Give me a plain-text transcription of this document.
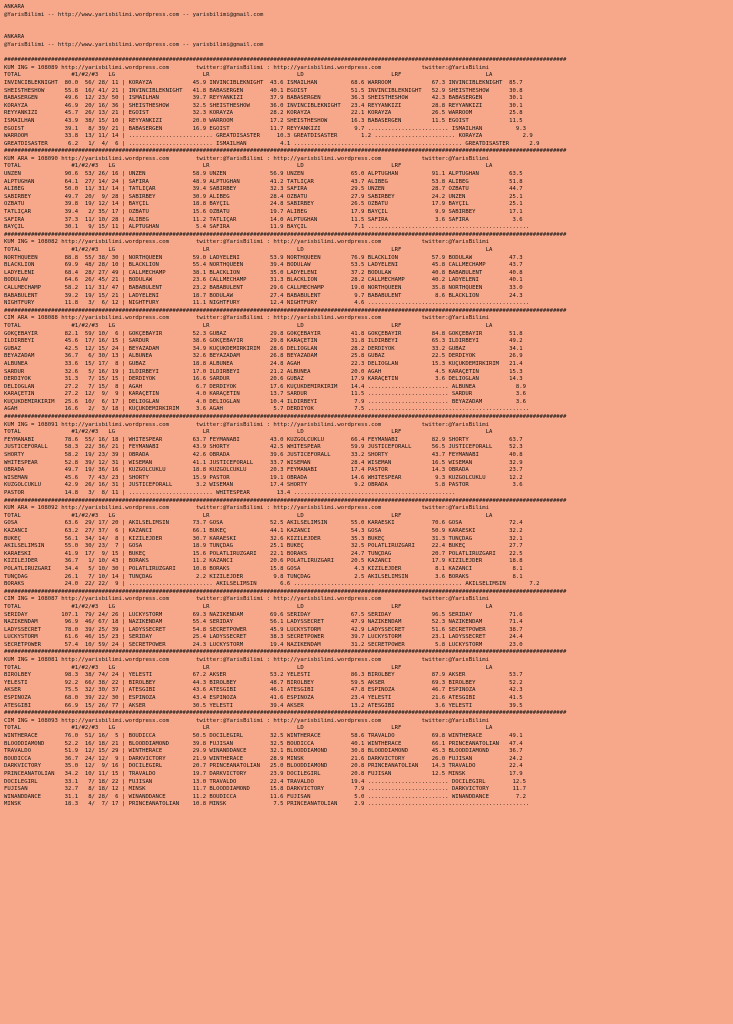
ANKARA
@YarisBilimi -- http://www.yarisbilimi.wordpress.com -- yarisbilimi@gmail.com

ANKARA
@YarisBilimi -- http://www.yarisbilimi.wordpress.com -- yarisbilimi@gmail.com

#######################################################################################################################################################################
KUM ING = 108089 http://yarisbilimi.wordpress.com        twitter:@YarisBilimi : http://yarisbilimi.wordpress.com            twitter:@YarisBilimi
TOTAL               #1/#2/#3   LG                          LR                          LD                          LRF                         LA
INVINCIBLEKNIGHT  80.0  56/ 28/ 11 | KORAYZA            45.9 INVINCIBLEKNIGHT  43.6 ISMAILHAN          68.6 WARROOM            67.3 INVINCIBLEKNIGHT  85.7
SHEISTHESHOW      55.8  16/ 41/ 21 | INVINCIBLEKNIGHT   41.8 BABASERGEN        40.1 EGOIST             51.5 INVINCIBLEKNIGHT   52.9 SHEISTHESHOW      30.8
BABASERGEN        49.6  12/ 23/ 50 | ISMAILHAN          39.7 REYYANKIZI        37.9 BABASERGEN         36.3 SHEISTHESHOW       42.3 BABASERGEN        30.1
KORAYZA           46.9  20/ 16/ 36 | SHEISTHESHOW       32.5 SHEISTHESHOW      36.0 INVINCIBLEKNIGHT   23.4 REYYANKIZI         28.8 REYYANKIZI        30.1
REYYANKIZI        45.7  26/ 13/ 21 | EGOIST             32.3 KORAYZA           28.2 KORAYZA            22.1 KORAYZA            26.5 WARROOM           25.8
ISMAILHAN         43.9  38/ 15/ 10 | REYYANKIZI         20.0 WARROOM           17.2 SHEISTHESHOW       16.3 BABASERGEN         11.5 EGOIST            11.5
EGOIST            39.1   8/ 39/ 21 | BABASERGEN         16.9 EGOIST            11.7 REYYANKIZI          9.7 ........................ ISMAILHAN          9.3
WARROOM           33.8  13/ 11/ 14 | ......................... GREATDISASTER     10.3 GREATDISASTER       1.2 ........................ KORAYZA            2.9
GREATDISASTER      6.2   1/  4/  6 | ......................... ISMAILHAN          4.1 .................................................. GREATDISASTER      2.9
#######################################################################################################################################################################
KUM ARA = 108090 http://yarisbilimi.wordpress.com        twitter:@YarisBilimi : http://yarisbilimi.wordpress.com            twitter:@YarisBilimi
TOTAL               #1/#2/#3   LG                          LR                          LD                          LRF                         LA
UNZEN             90.6  53/ 26/ 16 | UNZEN              58.9 UNZEN             56.9 UNZEN              65.0 ALPTUGHAN          91.1 ALPTUGHAN         63.5
ALPTUGHAN         64.1  27/ 14/ 24 | SAFIRA             48.9 ALPTUGHAN         41.2 TATLIÇAR           43.7 ALIBEG             53.8 ALIBEG            51.8
ALIBEG            50.0  11/ 31/ 14 | TATLIÇAR           39.4 SABIRBEY          32.3 SAFIRA             29.5 UNZEN              28.7 ÖZBATU            44.7
SABIRBEY          49.7  20/  9/ 28 | SABIRBEY           30.9 ALIBEG            28.4 ÖZBATU             27.9 SABIRBEY           24.2 UNZEN             25.1
ÖZBATU            39.8  19/ 12/ 14 | BAYÇIL             18.8 BAYÇIL            24.8 SABIRBEY           26.5 ÖZBATU             17.9 BAYÇIL            25.1
TATLIÇAR          39.4   2/ 35/ 17 | ÖZBATU             15.6 ÖZBATU            19.7 ALIBEG             17.9 BAYÇIL              9.9 SABIRBEY          17.1
SAFIRA            37.3  11/ 10/ 28 | ALIBEG             11.2 TATLIÇAR          14.0 ALPTUGHAN          11.5 SAFIRA              3.6 SAFIRA             3.6
BAYÇIL            30.1   9/ 15/ 11 | ALPTUGHAN           5.4 SAFIRA            11.9 BAYÇIL              7.1 ................................................
#######################################################################################################################################################################
KUM ING = 108082 http://yarisbilimi.wordpress.com        twitter:@YarisBilimi : http://yarisbilimi.wordpress.com            twitter:@YarisBilimi
TOTAL               #1/#2/#3   LG                          LR                          LD                          LRF                         LA
NORTHQUEEN        88.8  55/ 38/ 30 | NORTHQUEEN         59.0 LADYELENI         53.9 NORTHQUEEN         76.9 BLACKLION          57.9 BODULAW           47.3
BLACKLION         69.9  48/ 28/ 10 | BLACKLION          55.4 NORTHQUEEN        39.4 BODULAW            53.5 LADYELENI          45.8 CALLMECHAMP       43.7
LADYELENI         68.4  28/ 27/ 49 | CALLMECHAMP        38.1 BLACKLION         35.0 LADYELENI          37.2 BODULAW            40.8 BABABÜLENT        40.8
BODULAW           64.6  26/ 45/ 21 | BODULAW            23.6 CALLMECHAMP       31.3 BLACKLION          28.2 CALLMECHAMP        40.2 LADYELENI         40.1
CALLMECHAMP       58.2  11/ 31/ 47 | BABABÜLENT         23.2 BABABÜLENT        29.6 CALLMECHAMP        19.0 NORTHQUEEN         35.8 NORTHQUEEN        33.0
BABABÜLENT        39.2  19/ 15/ 21 | LADYELENI          18.7 BODULAW           27.4 BABABÜLENT          9.7 BABABÜLENT          8.6 BLACKLION         24.3
NIGHTFURY         11.8   3/  6/ 12 | NIGHTFURY          11.1 NIGHTFURY         12.4 NIGHTFURY           4.6 ................................................
#######################################################################################################################################################################
CIM ARA = 108088 http://yarisbilimi.wordpress.com        twitter:@YarisBilimi : http://yarisbilimi.wordpress.com            twitter:@YarisBilimi
TOTAL               #1/#2/#3   LG                          LR                          LD                          LRF                         LA
GÖKÇEBAYIR        82.1  59/ 10/  6 | GÖKÇEBAYIR         52.3 GUBAZ             29.8 GÖKÇEBAYIR         41.8 GÖKÇEBAYIR         84.8 GÖKÇEBAYIR        51.8
ILDIRBEYI         45.6  17/ 16/ 15 | SARDUR             38.6 GÖKÇEBAYIR        29.8 KARAÇETIN          31.8 ILDIRBEYI          65.3 ILDIRBEYI         49.2
GUBAZ             42.5  12/ 15/ 24 | BEYAZADAM          34.9 KÜÇÜKDEMIRKIRIM   28.6 DELIOGLAN          28.2 DERDIYOK           33.2 GUBAZ             34.1
BEYAZADAM         36.7   6/ 30/ 13 | ALBUNEA            32.6 BEYAZADAM         26.8 BEYAZADAM          25.8 GUBAZ              22.5 DERDIYOK          26.9
ALBUNEA           33.6  15/ 17/  8 | GUBAZ              18.8 ALBUNEA           24.8 AGAH               22.3 DELIOGLAN          15.3 KÜÇÜKDEMIRKIRIM   21.4
SARDUR            32.6   5/ 16/ 19 | ILDIRBEYI          17.0 ILDIRBEYI         21.2 ALBUNEA            20.0 AGAH                4.5 KARAÇETIN         15.3
DERDIYOK          31.3   7/ 15/ 15 | DERDIYOK           16.6 SARDUR            20.6 GUBAZ              17.9 KARAÇETIN           3.6 DELIOGLAN         14.3
DELIOGLAN         27.2   7/ 15/  8 | AGAH                6.7 DERDIYOK          17.6 KÜÇÜKDEMIRKIRIM    14.4 ........................ ALBUNEA            8.9
KARAÇETIN         27.2  12/  9/  9 | KARAÇETIN           4.0 KARAÇETIN         13.7 SARDUR             11.5 ........................ SARDUR             3.6
KÜÇÜKDEMIRKIRIM   25.6  10/  6/ 17 | DELIOGLAN           4.0 DELIOGLAN         10.4 ILDIRBEYI           7.9 ........................ BEYAZADAM          3.6
AGAH              16.6   2/  3/ 18 | KÜÇÜKDEMIRKIRIM     3.6 AGAH               5.7 DERDIYOK            7.5 ................................................
#######################################################################################################################################################################
KUM ING = 108091 http://yarisbilimi.wordpress.com        twitter:@YarisBilimi : http://yarisbilimi.wordpress.com            twitter:@YarisBilimi
TOTAL               #1/#2/#3   LG                          LR                          LD                          LRF                         LA
FEYMANABI         78.6  55/ 16/ 18 | WHITESPEAR         63.7 FEYMANABI         43.0 KUZGÖLCÜKLÜ        66.4 FEYMANABI          82.9 SHORTY            63.7
JUSTICEFORALL     58.3  22/ 36/ 21 | FEYMANABI          43.9 SHORTY            42.5 WHITESPEAR         59.9 JUSTICEFORALL      56.5 JUSTICEFORALL     52.3
SHORTY            58.2  19/ 23/ 39 | OBRADA             42.6 OBRADA            39.6 JUSTICEFORALL      33.2 SHORTY             43.7 FEYMANABI         40.8
WHITESPEAR        52.8  39/ 12/ 31 | WISEMAN            41.1 JUSTICEFORALL     33.7 WISEMAN            28.4 WISEMAN            16.5 WISEMAN           32.9
OBRADA            49.7  19/ 36/ 16 | KUZGÖLCÜKLÜ        18.8 KUZGÖLCÜKLÜ       20.3 FEYMANABI          17.4 PASTOR             14.3 OBRADA            23.7
WISEMAN           45.6   7/ 43/ 23 | SHORTY             15.9 PASTOR            19.1 OBRADA             14.6 WHITESPEAR          9.3 KUZGÖLCÜKLÜ       12.2
KUZGÖLCÜKLÜ       42.9  26/ 16/ 31 | JUSTICEFORALL       3.2 WISEMAN           17.4 SHORTY              9.2 OBRADA              5.8 PASTOR             3.6
PASTOR            14.8   3/  8/ 11 | ......................... WHITESPEAR        13.4 ................................................
#######################################################################################################################################################################
KUM ARA = 108092 http://yarisbilimi.wordpress.com        twitter:@YarisBilimi : http://yarisbilimi.wordpress.com            twitter:@YarisBilimi
TOTAL               #1/#2/#3   LG                          LR                          LD                          LRF                         LA
GOSA              63.6  29/ 17/ 20 | AKILSELIMSIN       73.7 GOSA              52.5 AKILSELIMSIN       55.0 KARAESKI           70.6 GOSA              72.4
KAZANCI           63.2  27/ 37/  6 | KAZANCI            66.1 BÜKEÇ             44.1 KAZANCI            54.3 GOSA               50.9 KARAESKI          32.2
BÜKEÇ             56.1  34/ 14/  8 | KIZILEJDER         30.7 KARAESKI          32.6 KIZILEJDER         35.3 BÜKEÇ              31.3 TUNÇDAG           32.1
AKILSELIMSIN      55.0  30/ 23/  7 | GOSA               18.9 TUNÇDAG           25.1 BÜKEÇ              32.5 POLATLIRÜZGARI     22.4 BÜKEÇ             27.7
KARAESKI          41.9  17/  9/ 15 | BÜKEÇ              15.6 POLATLIRÜZGARI    22.1 BORAKS             24.7 TUNÇDAG            20.7 POLATLIRÜZGARI    22.5
KIZILEJDER        36.7   1/ 10/ 43 | BORAKS             11.2 KAZANCI           20.6 POLATLIRÜZGARI     20.5 KAZANCI            17.9 KIZILEJDER        18.8
POLATLIRÜZGARI    34.4   5/ 10/ 30 | POLATLIRÜZGARI     10.8 BORAKS            15.8 GOSA                4.3 KIZILEJDER          8.1 KAZANCI            8.1
TUNÇDAG           26.1   7/ 10/ 14 | TUNÇDAG             2.2 KIZILEJDER         9.8 TUNÇDAG             2.5 AKILSELIMSIN        3.6 BORAKS             8.1
BORAKS            24.0  22/ 22/  9 | ......................... AKILSELIMSIN       6.6 ........................ ......................... AKILSELIMSIN       7.2
#######################################################################################################################################################################
CIM ING = 108087 http://yarisbilimi.wordpress.com        twitter:@YarisBilimi : http://yarisbilimi.wordpress.com            twitter:@YarisBilimi
TOTAL               #1/#2/#3   LG                          LR                          LD                          LRF                         LA
SERIDAY          107.1  79/ 24/ 26 | LUCKYSTORM         69.3 NAZIKENDAM        69.6 SERIDAY            67.5 SERIDAY            96.5 SERIDAY           71.6
NAZIKENDAM        96.9  46/ 67/ 18 | NAZIKENDAM         55.4 SERIDAY           56.1 LADYSSECRET        47.9 NAZIKENDAM         52.3 NAZIKENDAM        71.4
LADYSSECRET       78.0  39/ 25/ 39 | LADYSSECRET        54.8 SECRETPOWER       45.9 LUCKYSTORM         42.9 LADYSSECRET        51.6 SECRETPOWER       38.7
LUCKYSTORM        61.6  46/ 15/ 23 | SERIDAY            25.4 LADYSSECRET       38.3 SECRETPOWER        39.7 LUCKYSTORM         23.1 LADYSSECRET       24.4
SECRETPOWER       57.4  10/ 59/ 24 | SECRETPOWER        24.3 LUCKYSTORM        19.4 NAZIKENDAM         31.2 SECRETPOWER         5.8 LUCKYSTORM        23.0
#######################################################################################################################################################################
KUM ING = 108081 http://yarisbilimi.wordpress.com        twitter:@YarisBilimi : http://yarisbilimi.wordpress.com            twitter:@YarisBilimi
TOTAL               #1/#2/#3   LG                          LR                          LD                          LRF                         LA
BIROLBEY          98.3  38/ 74/ 24 | YELESTI            67.2 AKSER             53.2 YELESTI            86.3 BIROLBEY           87.9 AKSER             53.7
YELESTI           92.2  66/ 38/ 22 | BIROLBEY           44.3 BIROLBEY          48.7 BIROLBEY           59.5 AKSER              69.3 BIROLBEY          52.2
AKSER             75.5  32/ 30/ 37 | ATESGIBI           43.6 ATESGIBI          46.1 ATESGIBI           47.8 ESPINOZA           46.7 ESPINOZA          42.3
ESPINOZA          68.0  39/ 22/ 30 | ESPINOZA           43.4 ESPINOZA          41.6 ESPINOZA           23.4 YELESTI            21.6 ATESGIBI          41.5
ATESGIBI          66.9  15/ 26/ 77 | AKSER              30.5 YELESTI           39.4 AKSER              13.2 ATESGIBI            3.6 YELESTI           39.5
#######################################################################################################################################################################
CIM ING = 108093 http://yarisbilimi.wordpress.com        twitter:@YarisBilimi : http://yarisbilimi.wordpress.com            twitter:@YarisBilimi
TOTAL               #1/#2/#3   LG                          LR                          LD                          LRF                         LA
WINTHERACE        76.0  51/ 16/  5 | BOUDICCA           50.5 DOCILEGIRL        32.5 WINTHERACE         58.6 TRAVALDO           69.8 WINTHERACE        49.1
BLOODDIAMOND      52.2  16/ 18/ 21 | BLOODDIAMOND       39.8 FUJISAN           32.5 BOUDICCA           40.1 WINTHERACE         66.1 PRINCEANATOLIAN   47.4
TRAVALDO          51.9  12/ 15/ 29 | WINTHERACE         29.9 WINANDDANCE       32.1 BLOODDIAMOND       30.8 BLOODDIAMOND       45.3 BLOODDIAMOND      36.7
BOUDICCA          36.7  24/ 12/  9 | DARKVICTORY        21.9 WINTHERACE        28.9 MINSK              21.6 DARKVICTORY        26.0 FUJISAN           24.2
DARKVICTORY       35.0  12/  9/ 16 | DOCILEGIRL         20.7 PRINCEANATOLIAN   25.0 BLOODDIAMOND       20.8 PRINCEANATOLIAN    14.3 TRAVALDO          22.4
PRINCEANATOLIAN   34.2  10/ 11/ 15 | TRAVALDO           19.7 DARKVICTORY       23.9 DOCILEGIRL         20.8 FUJISAN            12.5 MINSK             17.9
DOCILEGIRL        33.1   7/ 18/ 22 | FUJISAN            13.0 TRAVALDO          22.4 TRAVALDO           19.4 ........................ DOCILEGIRL        12.5
FUJISAN           32.7   8/ 18/ 12 | MINSK              11.7 BLOODDIAMOND      15.8 DARKVICTORY         7.9 ........................ DARKVICTORY       11.7
WINANDDANCE       31.1   8/ 28/  6 | WINANDDANCE        11.2 BOUDICCA          11.6 FUJISAN             5.0 ........................ WINANDDANCE        7.2
MINSK             18.3   4/  7/ 17 | PRINCEANATOLIAN    10.8 MINSK              7.5 PRINCEANATOLIAN     2.9 ................................................
